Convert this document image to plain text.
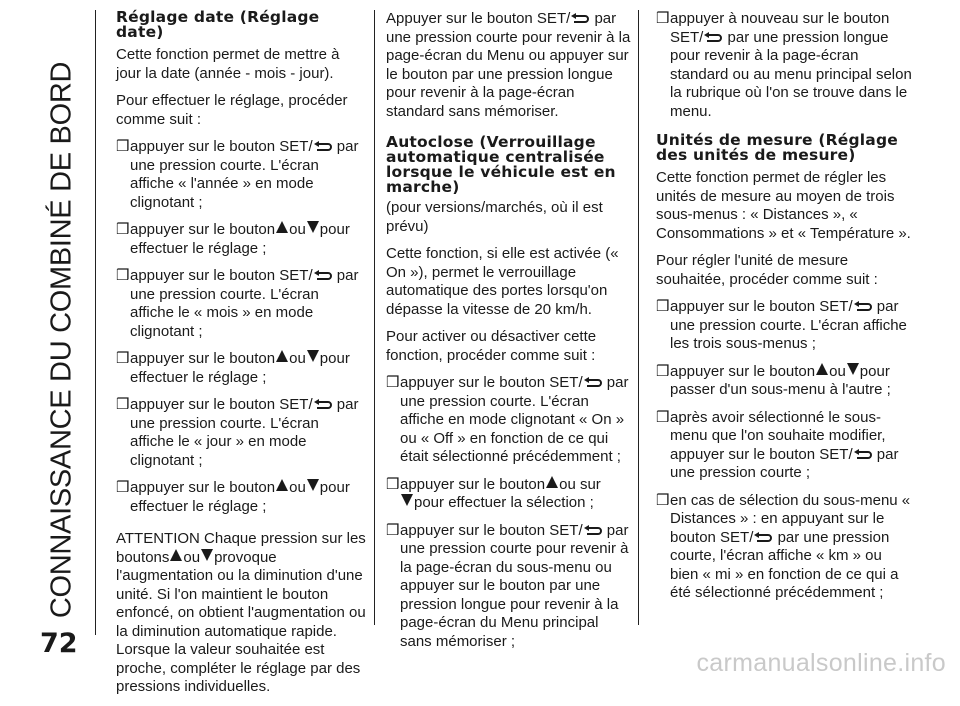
CONNAISSANCE DU COMBINÉ DE BORD
72
carmanualsonline.info
Réglage date (Réglage date)

Cette fonction permet de mettre à jour la date (année - mois - jour).

Pour effectuer le réglage, procéder comme suit :

❒ appuyer sur le bouton SET/ par une pression courte. L'écran affiche « l'année » en mode clignotant ;
❒ appuyer sur le bouton ou pour effectuer le réglage ;
❒ appuyer sur le bouton SET/ par une pression courte. L'écran affiche le « mois » en mode clignotant ;
❒ appuyer sur le bouton ou pour effectuer le réglage ;
❒ appuyer sur le bouton SET/ par une pression courte. L'écran affiche le « jour » en mode clignotant ;
❒ appuyer sur le bouton ou pour effectuer le réglage ;

ATTENTION Chaque pression sur les boutons ou provoque l'augmentation ou la diminution d'une unité. Si l'on maintient le bouton enfoncé, on obtient l'augmentation ou la diminution automatique rapide. Lorsque la valeur souhaitée est proche, compléter le réglage par des pressions individuelles.

Appuyer sur le bouton SET/ par une pression courte pour revenir à la page-écran du Menu ou appuyer sur le bouton par une pression longue pour revenir à la page-écran standard sans mémoriser.

Autoclose (Verrouillage automatique centralisée lorsque le véhicule est en marche)

(pour versions/marchés, où il est prévu)

Cette fonction, si elle est activée (« On »), permet le verrouillage automatique des portes lorsqu'on dépasse la vitesse de 20 km/h.

Pour activer ou désactiver cette fonction, procéder comme suit :

❒ appuyer sur le bouton SET/ par une pression courte. L'écran affiche en mode clignotant « On » ou « Off » en fonction de ce qui était sélectionné précédemment ;
❒ appuyer sur le bouton ou sur
pour effectuer la sélection ;
❒ appuyer sur le bouton SET/ par une pression courte pour revenir à la page-écran du sous-menu ou appuyer sur le bouton par une pression longue pour revenir à la page-écran du Menu principal sans mémoriser ;
❒ appuyer à nouveau sur le bouton SET/ par une pression longue pour revenir à la page-écran standard ou au menu principal selon la rubrique où l'on se trouve dans le menu.
Unités de mesure (Réglage des unités de mesure)

Cette fonction permet de régler les unités de mesure au moyen de trois sous-menus : « Distances », « Consommations » et « Température ».

Pour régler l'unité de mesure souhaitée, procéder comme suit :

❒ appuyer sur le bouton SET/ par une pression courte. L'écran affiche les trois sous-menus ;
❒ appuyer sur le bouton ou pour passer d'un sous-menu à l'autre ;
❒ après avoir sélectionné le sous-menu que l'on souhaite modifier, appuyer sur le bouton SET/ par une pression courte ;
❒ en cas de sélection du sous-menu « Distances » : en appuyant sur le bouton SET/ par une pression courte, l'écran affiche « km » ou bien « mi » en fonction de ce qui a été sélectionné précédemment ;
